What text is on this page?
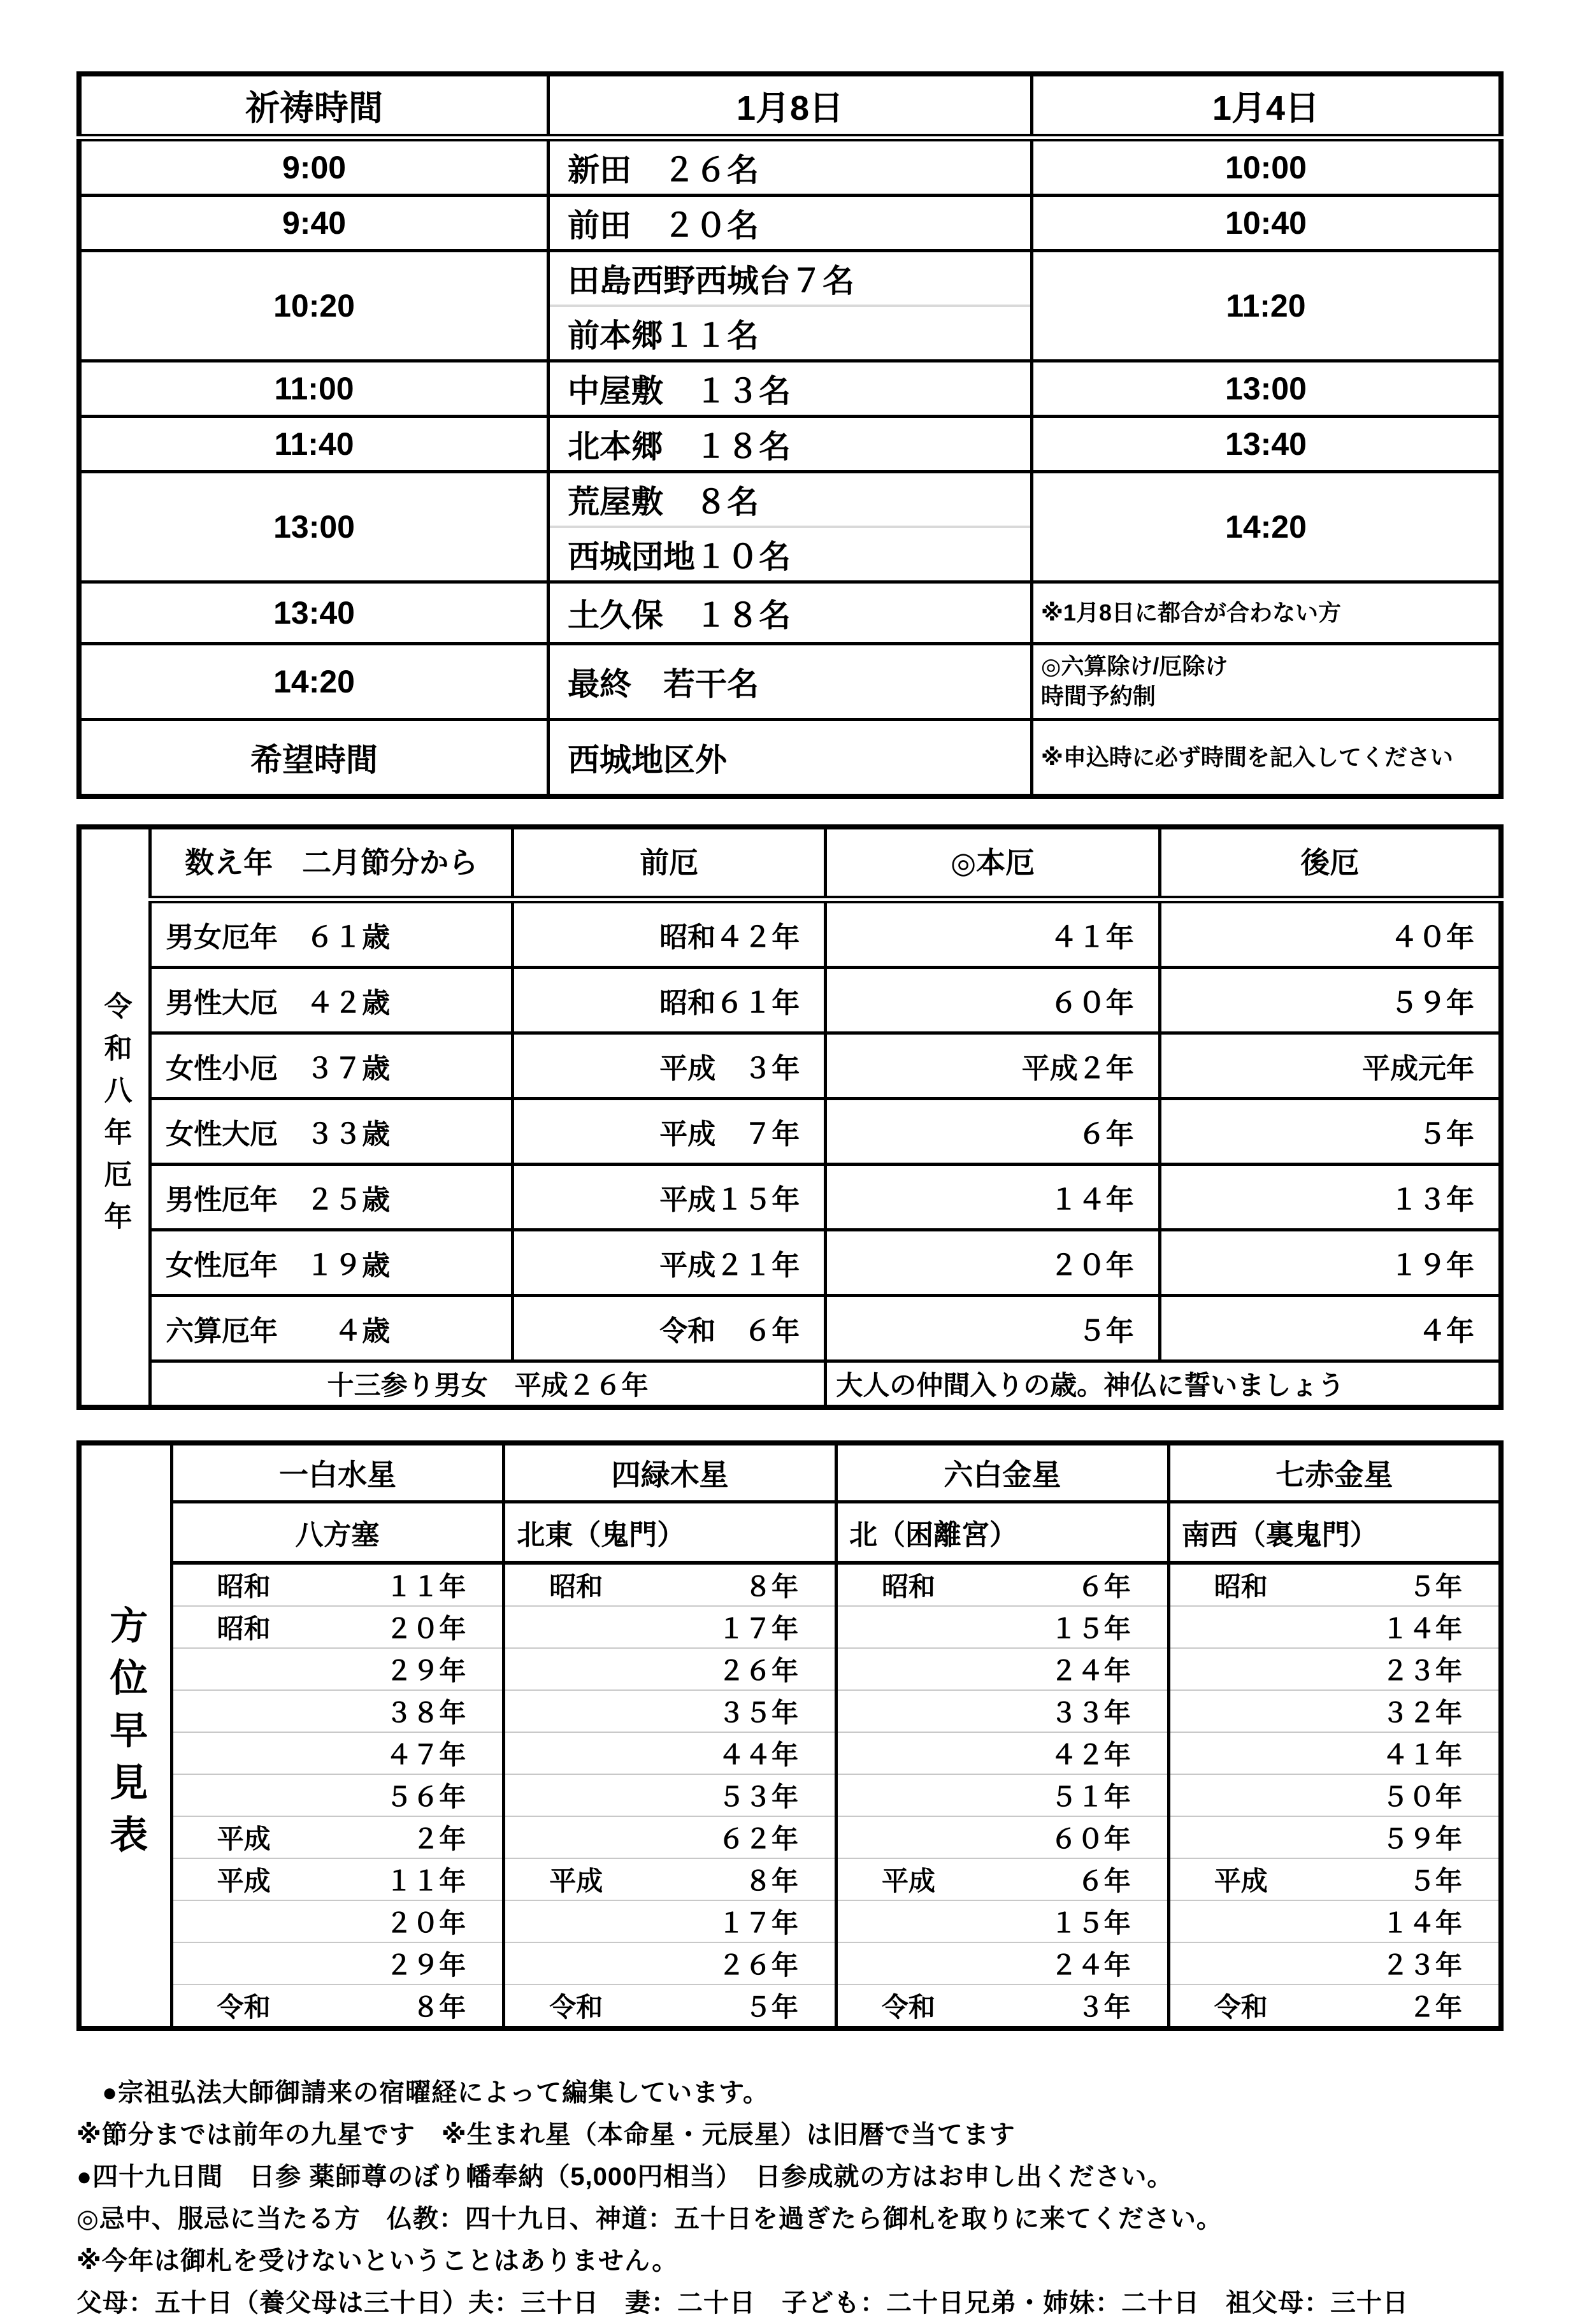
祈祷時間	1月8日	1月4日
9:00	新田　２６名	10:00
9:40	前田　２０名	10:40
10:20	田島西野西城台７名	11:20
	前本郷１１名	
11:00	中屋敷　１３名	13:00
11:40	北本郷　１８名	13:40
13:00	荒屋敷　８名	14:20
	西城団地１０名	
13:40	土久保　１８名	※1月8日に都合が合わない方
14:20	最終　若干名	◎六算除け/厄除け
時間予約制

希望時間	西城地区外	※申込時に必ず時間を記入してください
令和八年厄年	数え年　二月節分から	前厄	◎本厄	後厄
	男女厄年　６１歳	昭和４２年	４１年	４０年
	男性大厄　４２歳	昭和６１年	６０年	５９年
	女性小厄　３７歳	平成　３年	平成２年	平成元年
	女性大厄　３３歳	平成　７年	６年	５年
	男性厄年　２５歳	平成１５年	１４年	１３年
	女性厄年　１９歳	平成２１年	２０年	１９年
	六算厄年　　４歳	令和　６年	５年	４年
	十三参り男女　平成２６年		大人の仲間入りの歳。神仏に誓いましょう	
方位早見表	一白水星	四緑木星	六白金星	七赤金星
	八方塞	北東（鬼門）	北（困離宮）	南西（裏鬼門）

	昭和 １１年	昭和 ８年	昭和 ６年	昭和 ５年

	昭和 ２０年	１７年	１５年	１４年

	２９年	２６年	２４年	２３年

	３８年	３５年	３３年	３２年

	４７年	４４年	４２年	４１年

	５６年	５３年	５１年	５０年

	平成 ２年	６２年	６０年	５９年

	平成 １１年	平成 ８年	平成 ６年	平成 ５年

	２０年	１７年	１５年	１４年

	２９年	２６年	２４年	２３年

	令和 ８年	令和 ５年	令和 ３年	令和 ２年

●宗祖弘法大師御請来の宿曜経によって編集しています。

※節分までは前年の九星です　※生まれ星（本命星・元辰星）は旧暦で当てます

●四十九日間　日参 薬師尊のぼり幡奉納（5,000円相当）　日参成就の方はお申し出ください。

◎忌中、服忌に当たる方　仏教：四十九日、神道：五十日を過ぎたら御札を取りに来てください。

※今年は御札を受けないということはありません。

父母：五十日（養父母は三十日）夫：三十日　妻：二十日　子ども：二十日兄弟・姉妹：二十日　祖父母：三十日
